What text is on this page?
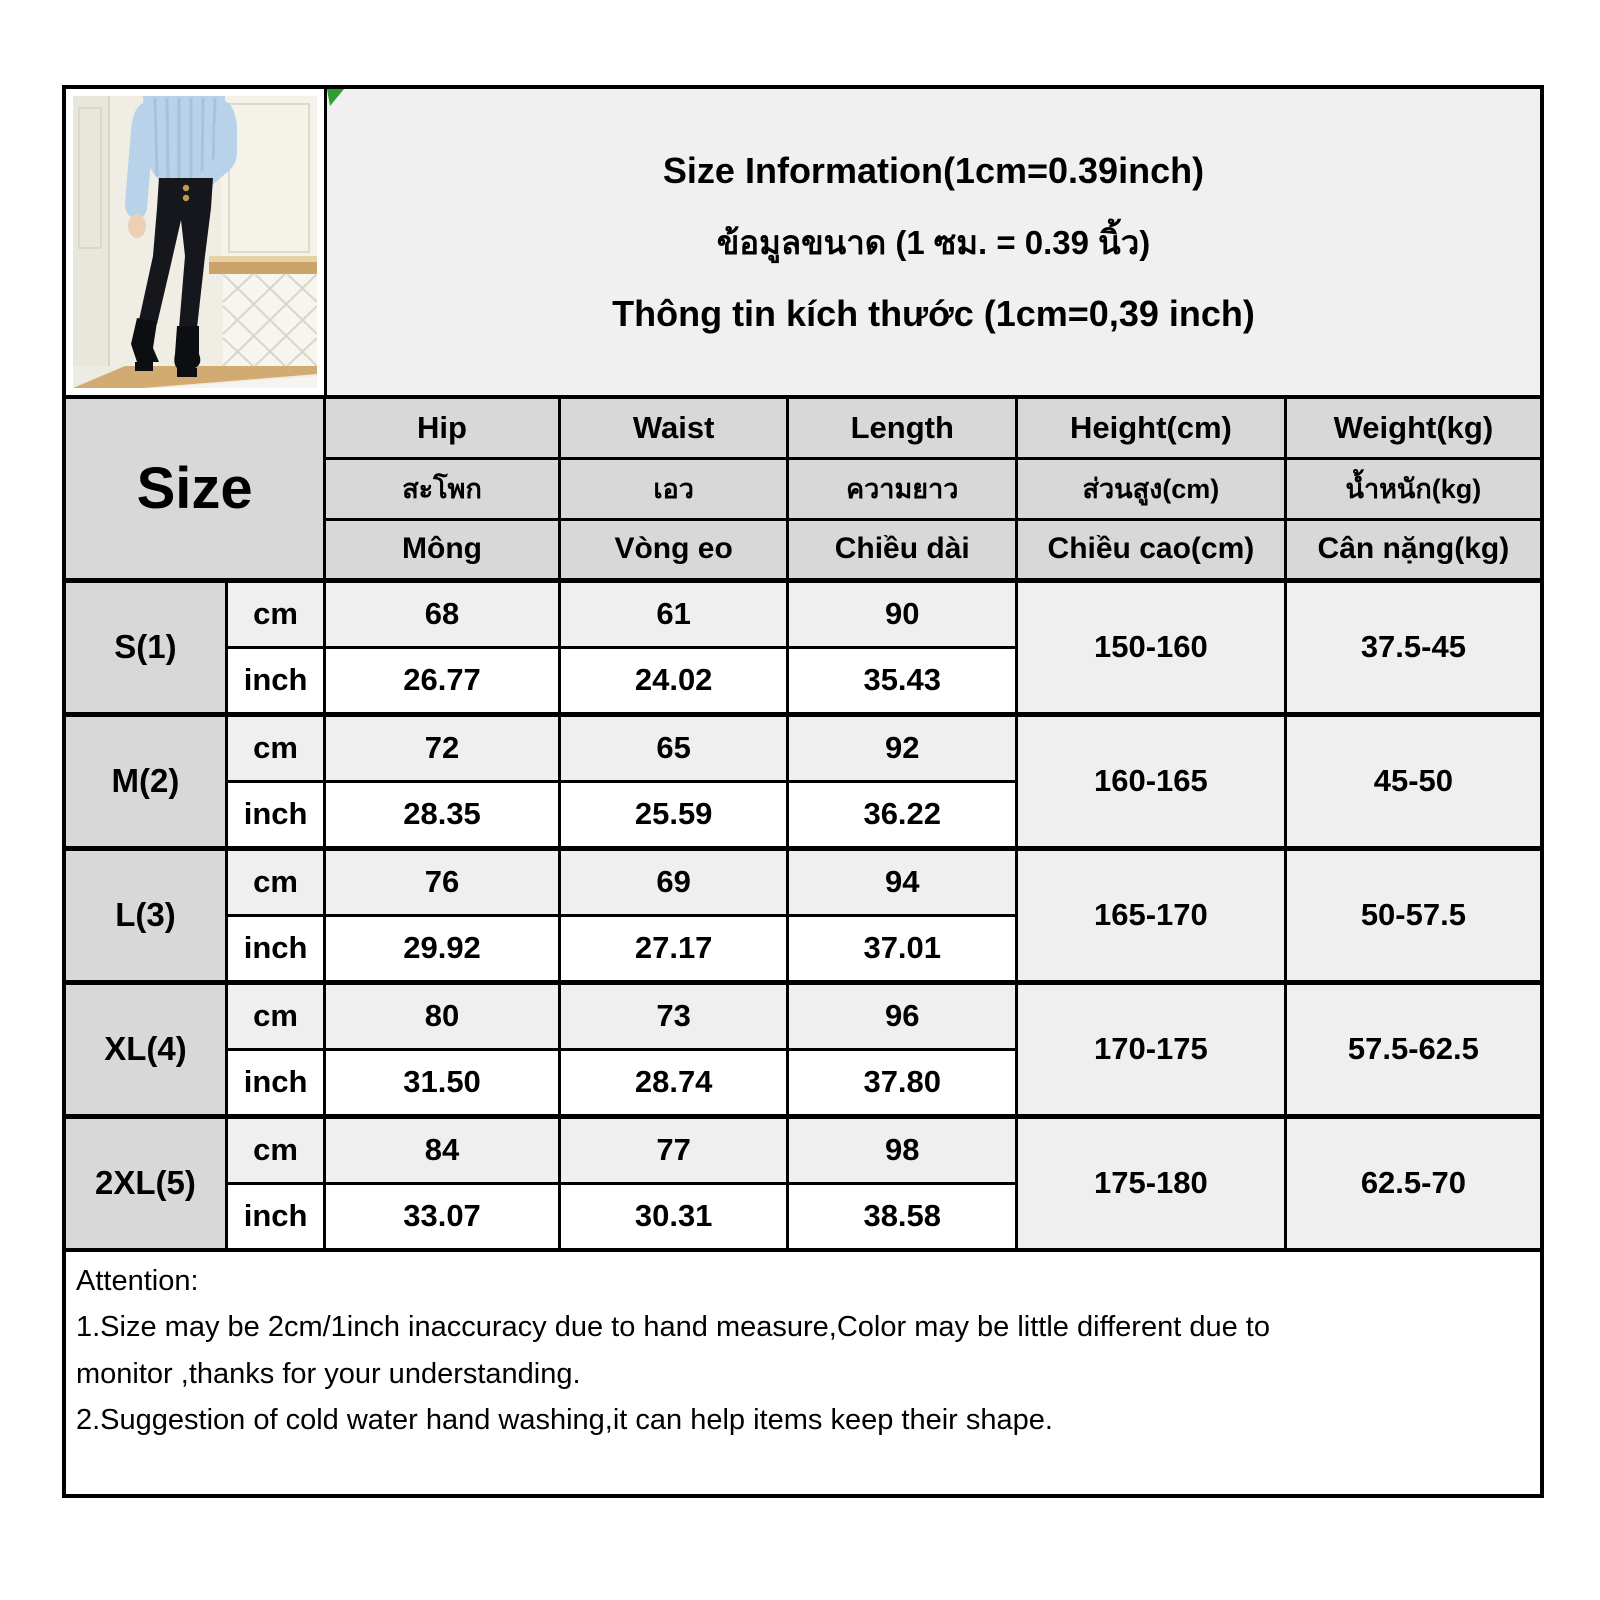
Size Information(1cm=0.39inch)
ข้อมูลขนาด (1 ซม. = 0.39 นิ้ว)
Thông tin kích thước (1cm=0,39 inch)
Size		Hip	Waist	Length	Height(cm)	Weight(kg)
		สะโพก	เอว	ความยาว	ส่วนสูง(cm)	น้ำหนัก(kg)
		Mông	Vòng eo	Chiều dài	Chiều cao(cm)	Cân nặng(kg)
S(1)	cm	68	61	90	150-160	37.5-45
	inch	26.77	24.02	35.43		
M(2)	cm	72	65	92	160-165	45-50
	inch	28.35	25.59	36.22		
L(3)	cm	76	69	94	165-170	50-57.5
	inch	29.92	27.17	37.01		
XL(4)	cm	80	73	96	170-175	57.5-62.5
	inch	31.50	28.74	37.80		
2XL(5)	cm	84	77	98	175-180	62.5-70
	inch	33.07	30.31	38.58		
Attention:
1.Size may be 2cm/1inch inaccuracy due to hand measure,Color may be little different due to
monitor ,thanks for your understanding.
2.Suggestion of cold water hand washing,it can help items keep their shape.
